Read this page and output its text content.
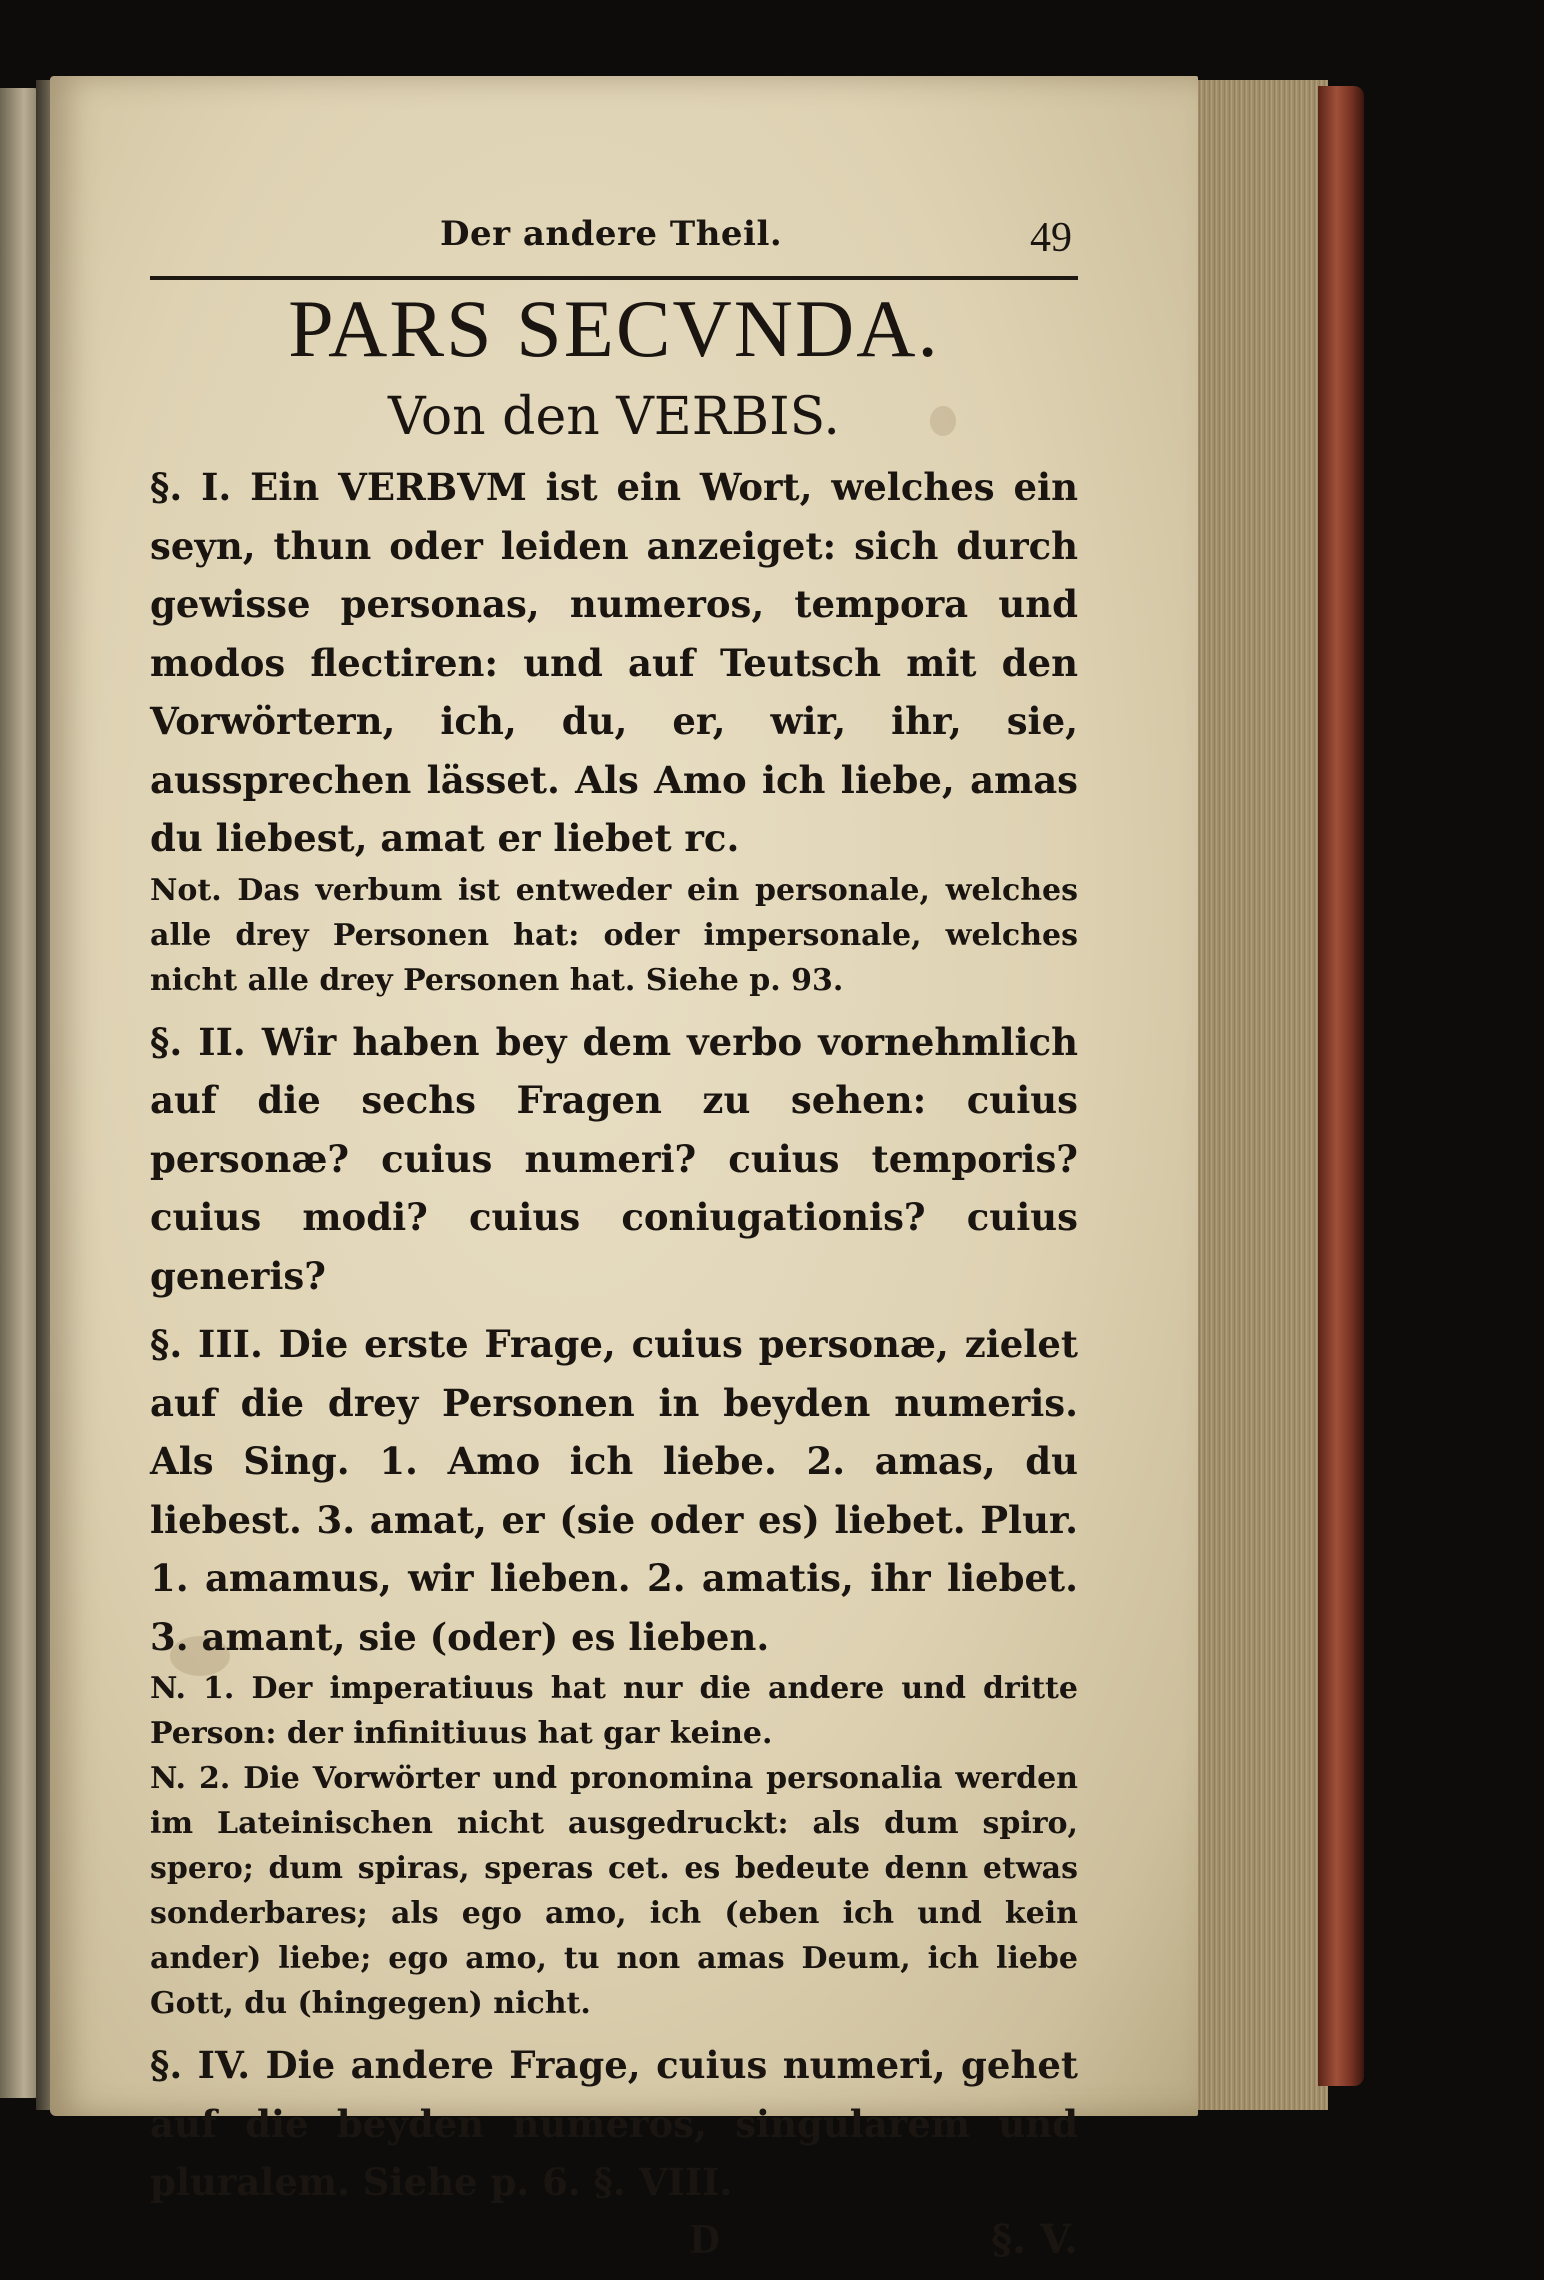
Der andere Theil.	49
PARS SECVNDA.
Von den VERBIS.

§. I. Ein VERBVM ist ein Wort, welches ein seyn, thun oder leiden anzeiget: sich durch gewisse personas, numeros, tempora und modos flectiren: und auf Teutsch mit den Vorwörtern, ich, du, er, wir, ihr, sie, aussprechen lässet. Als Amo ich liebe, amas du liebest, amat er liebet rc.

Not. Das verbum ist entweder ein personale, welches alle drey Personen hat: oder impersonale, welches nicht alle drey Personen hat. Siehe p. 93.

§. II. Wir haben bey dem verbo vornehmlich auf die sechs Fragen zu sehen: cuius personæ? cuius numeri? cuius temporis? cuius modi? cuius coniugationis? cuius generis?

§. III. Die erste Frage, cuius personæ, zielet auf die drey Personen in beyden numeris. Als Sing. 1. Amo ich liebe. 2. amas, du liebest. 3. amat, er (sie oder es) liebet. Plur. 1. amamus, wir lieben. 2. amatis, ihr liebet. 3. amant, sie (oder) es lieben.

N. 1. Der imperatiuus hat nur die andere und dritte Person: der infinitiuus hat gar keine.

N. 2. Die Vorwörter und pronomina personalia werden im Lateinischen nicht ausgedruckt: als dum spiro, spero; dum spiras, speras cet. es bedeute denn etwas sonderbares; als ego amo, ich (eben ich und kein ander) liebe; ego amo, tu non amas Deum, ich liebe Gott, du (hingegen) nicht.

§. IV. Die andere Frage, cuius numeri, gehet auf die beyden numeros, singularem und pluralem. Siehe p. 6. §. VIII.

D	§. V.
